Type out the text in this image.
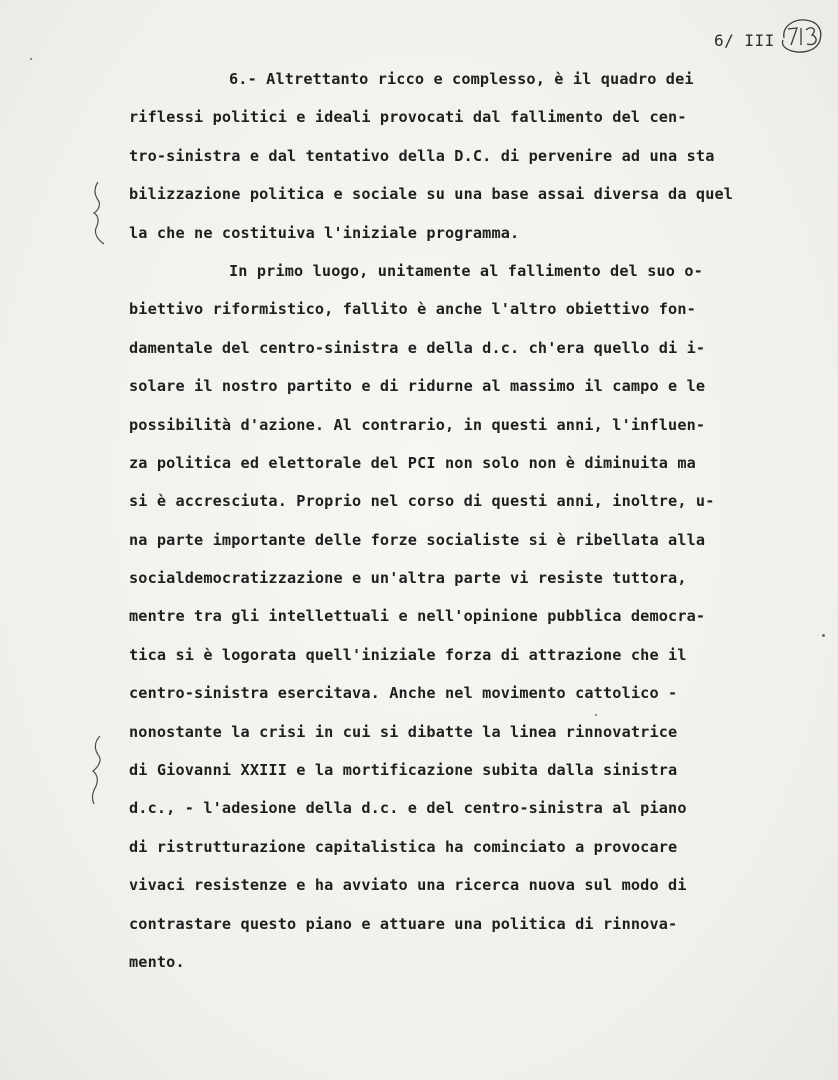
6/ III
6.- Altrettanto ricco e complesso, è il quadro dei
riflessi politici e ideali provocati dal fallimento del cen-
tro-sinistra e dal tentativo della D.C. di pervenire ad una sta
bilizzazione politica e sociale su una base assai diversa da quel
la che ne costituiva l'iniziale programma.
In primo luogo, unitamente al fallimento del suo o-
biettivo riformistico, fallito è anche l'altro obiettivo fon-
damentale del centro-sinistra e della d.c. ch'era quello di i-
solare il nostro partito e di ridurne al massimo il campo e le
possibilità d'azione. Al contrario, in questi anni, l'influen-
za politica ed elettorale del PCI non solo non è diminuita ma
si è accresciuta. Proprio nel corso di questi anni, inoltre, u-
na parte importante delle forze socialiste si è ribellata alla
socialdemocratizzazione e un'altra parte vi resiste tuttora,
mentre tra gli intellettuali e nell'opinione pubblica democra-
tica si è logorata quell'iniziale forza di attrazione che il
centro-sinistra esercitava. Anche nel movimento cattolico -
nonostante la crisi in cui si dibatte la linea rinnovatrice
di Giovanni XXIII e la mortificazione subita dalla sinistra
d.c., - l'adesione della d.c. e del centro-sinistra al piano
di ristrutturazione capitalistica ha cominciato a provocare
vivaci resistenze e ha avviato una ricerca nuova sul modo di
contrastare questo piano e attuare una politica di rinnova-
mento.
